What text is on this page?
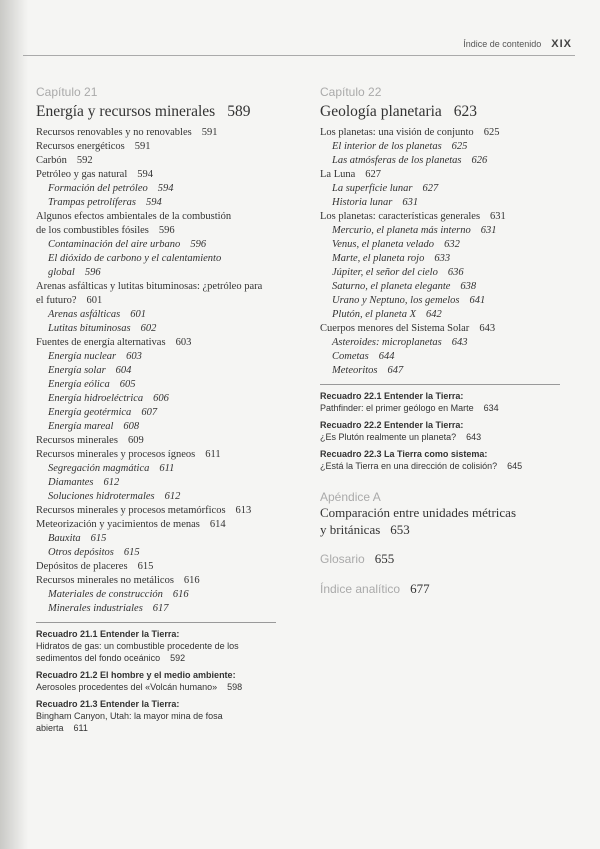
Índice de contenido XIX
Capítulo 21
Energía y recursos minerales 589
Recursos renovables y no renovables 591
Recursos energéticos 591
Carbón 592
Petróleo y gas natural 594
Formación del petróleo 594
Trampas petrolíferas 594
Algunos efectos ambientales de la combustión
de los combustibles fósiles 596
Contaminación del aire urbano 596
El dióxido de carbono y el calentamiento global 596
Arenas asfálticas y lutitas bituminosas: ¿petróleo para
el futuro? 601
Arenas asfálticas 601
Lutitas bituminosas 602
Fuentes de energía alternativas 603
Energía nuclear 603
Energía solar 604
Energía eólica 605
Energía hidroeléctrica 606
Energía geotérmica 607
Energía mareal 608
Recursos minerales 609
Recursos minerales y procesos ígneos 611
Segregación magmática 611
Diamantes 612
Soluciones hidrotermales 612
Recursos minerales y procesos metamórficos 613
Meteorización y yacimientos de menas 614
Bauxita 615
Otros depósitos 615
Depósitos de placeres 615
Recursos minerales no metálicos 616
Materiales de construcción 616
Minerales industriales 617
Recuadro 21.1 Entender la Tierra:
Hidratos de gas: un combustible procedente de los
sedimentos del fondo oceánico 592
Recuadro 21.2 El hombre y el medio ambiente:
Aerosoles procedentes del «Volcán humano» 598
Recuadro 21.3 Entender la Tierra:
Bingham Canyon, Utah: la mayor mina de fosa
abierta 611
Capítulo 22
Geología planetaria 623
Los planetas: una visión de conjunto 625
El interior de los planetas 625
Las atmósferas de los planetas 626
La Luna 627
La superficie lunar 627
Historia lunar 631
Los planetas: características generales 631
Mercurio, el planeta más interno 631
Venus, el planeta velado 632
Marte, el planeta rojo 633
Júpiter, el señor del cielo 636
Saturno, el planeta elegante 638
Urano y Neptuno, los gemelos 641
Plutón, el planeta X 642
Cuerpos menores del Sistema Solar 643
Asteroides: microplanetas 643
Cometas 644
Meteoritos 647
Recuadro 22.1 Entender la Tierra:
Pathfinder: el primer geólogo en Marte 634
Recuadro 22.2 Entender la Tierra:
¿Es Plutón realmente un planeta? 643
Recuadro 22.3 La Tierra como sistema:
¿Está la Tierra en una dirección de colisión? 645
Apéndice A
Comparación entre unidades métricas
y británicas 653
Glosario 655
Índice analítico 677
